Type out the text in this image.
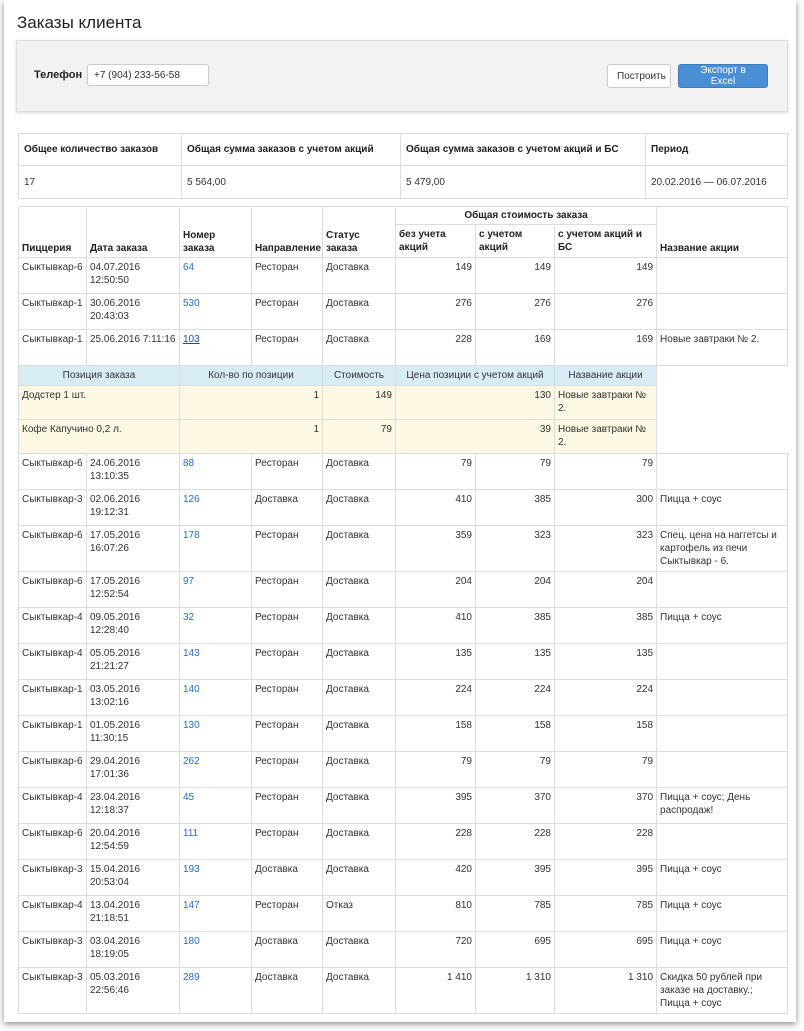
Заказы клиента
Телефон
+7 (904) 233-56-58	Построить	Экспорт в Excel
Общее количество заказов	Общая сумма заказов с учетом акций	Общая сумма заказов с учетом акций и БС	Период
17	5 564,00	5 479,00	20.02.2016 — 06.07.2016
Пиццерия	Дата заказа	Номер заказа	Направление	Статус заказа	Общая стоимость заказа			Название акции
					без учета акций	с учетом акций	с учетом акций и БС	
Сыктывкар-6	04.07.2016 12:50:50	64	Ресторан	Доставка	149	149	149	
Сыктывкар-1	30.06.2016 20:43:03	530	Ресторан	Доставка	276	276	276	
Сыктывкар-1	25.06.2016 7:11:16	103	Ресторан	Доставка	228	169	169	Новые завтраки № 2.
Позиция заказа		Кол-во по позиции		Стоимость	Цена позиции с учетом акций		Название акции	
Додстер 1 шт.		1		149	130		Новые завтраки № 2.	
Кофе Капучино 0,2 л.		1		79	39		Новые завтраки № 2.	
Сыктывкар-6	24.06.2016 13:10:35	88	Ресторан	Доставка	79	79	79	
Сыктывкар-3	02.06.2016 19:12:31	126	Доставка	Доставка	410	385	300	Пицца + соус
Сыктывкар-6	17.05.2016 16:07:26	178	Ресторан	Доставка	359	323	323	Спец. цена на наггетсы и картофель из печи Сыктывкар - 6.
Сыктывкар-6	17.05.2016 12:52:54	97	Ресторан	Доставка	204	204	204	
Сыктывкар-4	09.05.2016 12:28:40	32	Ресторан	Доставка	410	385	385	Пицца + соус
Сыктывкар-4	05.05.2016 21:21:27	143	Ресторан	Доставка	135	135	135	
Сыктывкар-1	03.05.2016 13:02:16	140	Ресторан	Доставка	224	224	224	
Сыктывкар-1	01.05.2016 11:30:15	130	Ресторан	Доставка	158	158	158	
Сыктывкар-6	29.04.2016 17:01:36	262	Ресторан	Доставка	79	79	79	
Сыктывкар-4	23.04.2016 12:18:37	45	Ресторан	Доставка	395	370	370	Пицца + соус; День распродаж!
Сыктывкар-6	20.04.2016 12:54:59	111	Ресторан	Доставка	228	228	228	
Сыктывкар-3	15.04.2016 20:53:04	193	Доставка	Доставка	420	395	395	Пицца + соус
Сыктывкар-4	13.04.2016 21:18:51	147	Ресторан	Отказ	810	785	785	Пицца + соус
Сыктывкар-3	03.04.2016 18:19:05	180	Доставка	Доставка	720	695	695	Пицца + соус
Сыктывкар-3	05.03.2016 22:56:46	289	Доставка	Доставка	1 410	1 310	1 310	Скидка 50 рублей при заказе на доставку.; Пицца + соус
